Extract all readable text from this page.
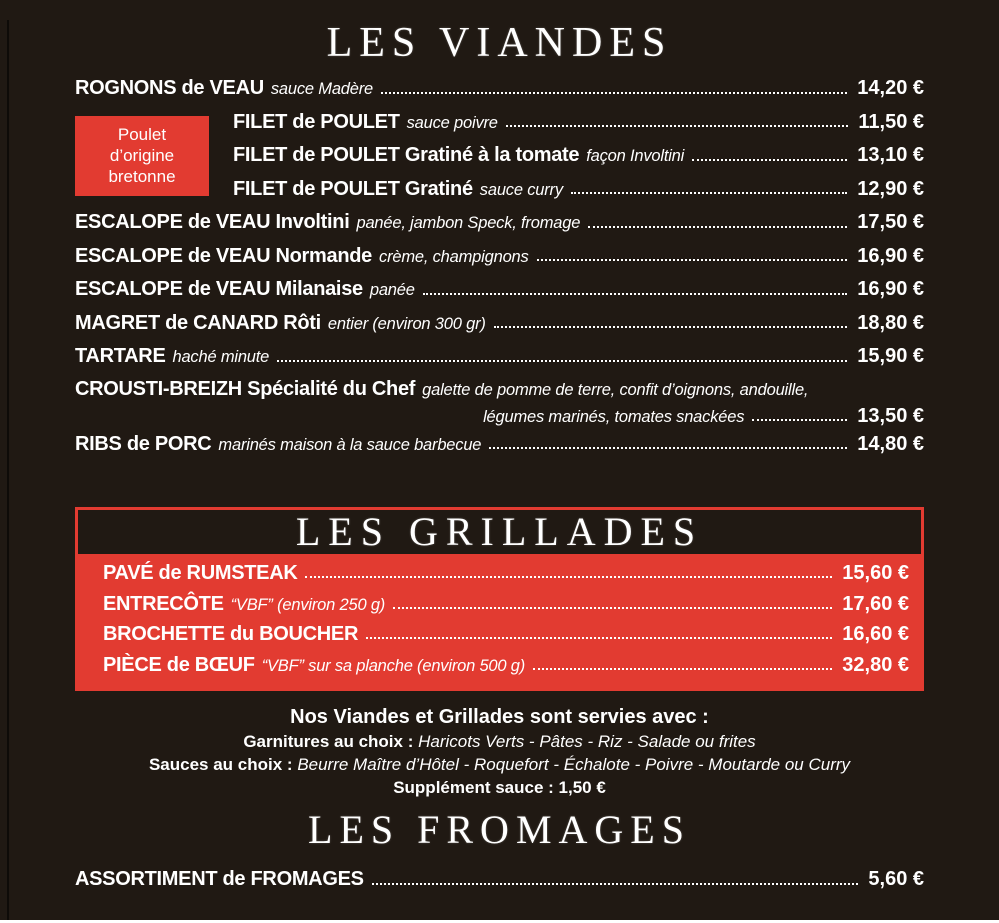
LES VIANDES
ROGNONS de VEAU sauce Madère	14,20 €
Poulet
d’origine
bretonne
FILET de POULET sauce poivre	11,50 €
FILET de POULET Gratiné à la tomate façon Involtini	13,10 €
FILET de POULET Gratiné sauce curry	12,90 €
ESCALOPE de VEAU Involtini panée, jambon Speck, fromage	17,50 €
ESCALOPE de VEAU Normande crème, champignons	16,90 €
ESCALOPE de VEAU Milanaise panée	16,90 €
MAGRET de CANARD Rôti entier (environ 300 gr)	18,80 €
TARTARE haché minute	15,90 €
CROUSTI-BREIZH Spécialité du Chef galette de pomme de terre, confit d’oignons, andouille,
légumes marinés, tomates snackées	13,50 €
RIBS de PORC marinés maison à la sauce barbecue	14,80 €
LES GRILLADES
PAVÉ de RUMSTEAK	15,60 €
ENTRECÔTE “VBF” (environ 250 g)	17,60 €
BROCHETTE du BOUCHER	16,60 €
PIÈCE de BŒUF “VBF” sur sa planche (environ 500 g)	32,80 €
Nos Viandes et Grillades sont servies avec :
Garnitures au choix : Haricots Verts - Pâtes - Riz - Salade ou frites
Sauces au choix : Beurre Maître d’Hôtel - Roquefort - Échalote - Poivre - Moutarde ou Curry
Supplément sauce : 1,50 €
LES FROMAGES
ASSORTIMENT de FROMAGES	5,60 €
